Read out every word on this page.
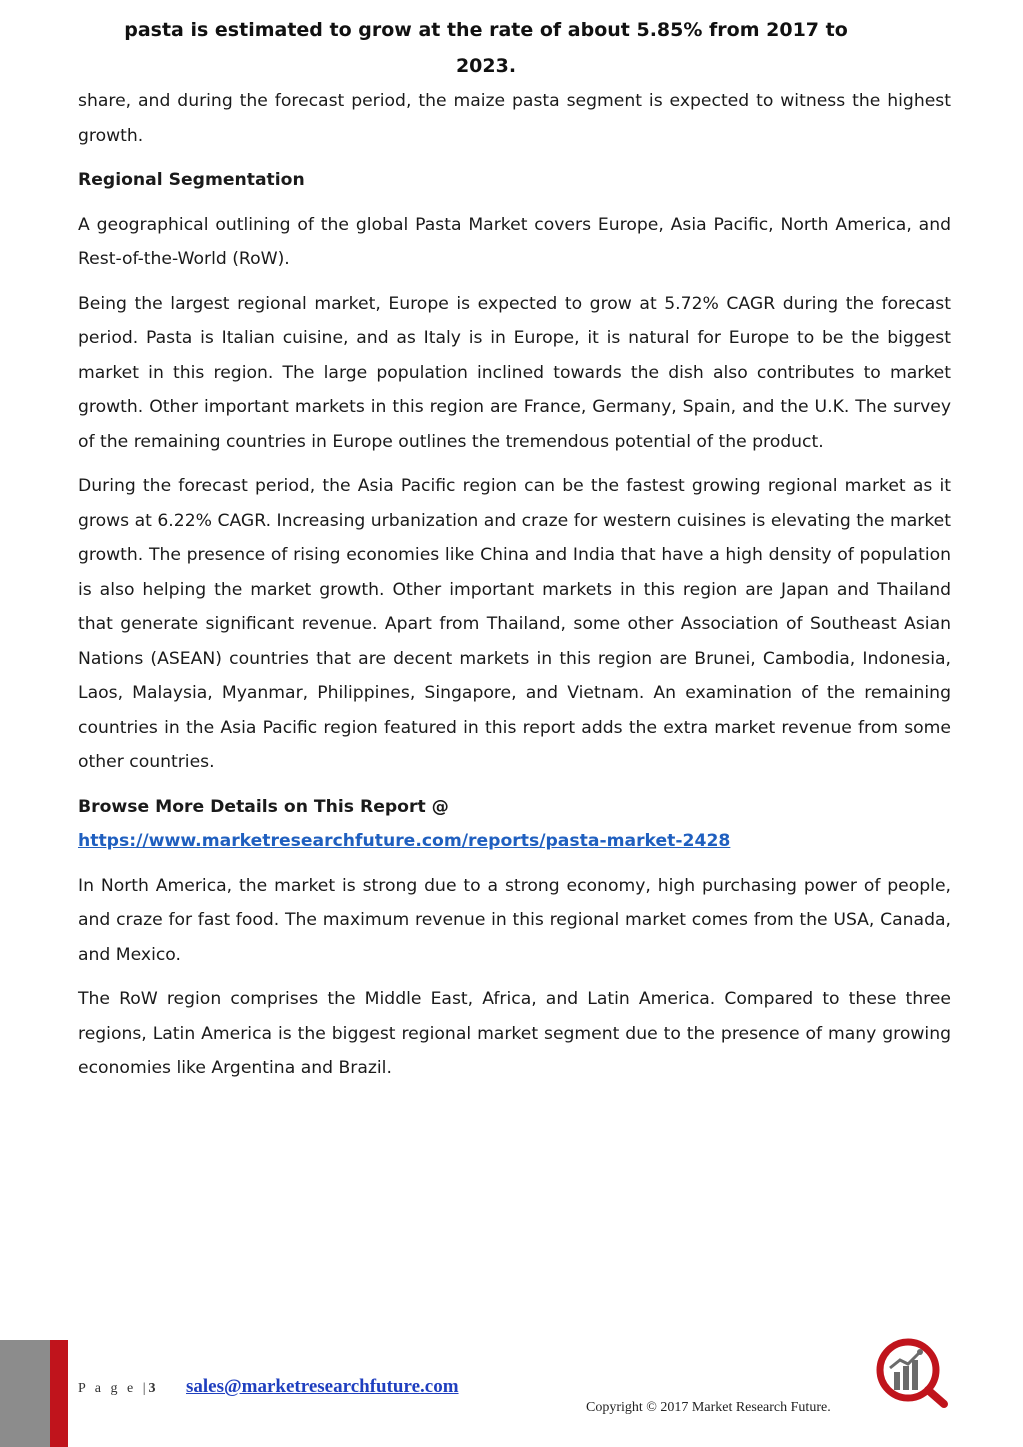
pasta is estimated to grow at the rate of about 5.85% from 2017 to
2023.

share, and during the forecast period, the maize pasta segment is expected to witness the highest growth.

Regional Segmentation

A geographical outlining of the global Pasta Market covers Europe, Asia Pacific, North America, and Rest-of-the-World (RoW).

Being the largest regional market, Europe is expected to grow at 5.72% CAGR during the forecast period. Pasta is Italian cuisine, and as Italy is in Europe, it is natural for Europe to be the biggest market in this region. The large population inclined towards the dish also contributes to market growth. Other important markets in this region are France, Germany, Spain, and the U.K. The survey of the remaining countries in Europe outlines the tremendous potential of the product.

During the forecast period, the Asia Pacific region can be the fastest growing regional market as it grows at 6.22% CAGR. Increasing urbanization and craze for western cuisines is elevating the market growth. The presence of rising economies like China and India that have a high density of population is also helping the market growth. Other important markets in this region are Japan and Thailand that generate significant revenue. Apart from Thailand, some other Association of Southeast Asian Nations (ASEAN) countries that are decent markets in this region are Brunei, Cambodia, Indonesia, Laos, Malaysia, Myanmar, Philippines, Singapore, and Vietnam. An examination of the remaining countries in the Asia Pacific region featured in this report adds the extra market revenue from some other countries.

Browse More Details on This Report @
https://www.marketresearchfuture.com/reports/pasta-market-2428

In North America, the market is strong due to a strong economy, high purchasing power of people, and craze for fast food. The maximum revenue in this regional market comes from the USA, Canada, and Mexico.

The RoW region comprises the Middle East, Africa, and Latin America. Compared to these three regions, Latin America is the biggest regional market segment due to the presence of many growing economies like Argentina and Brazil.

P a g e |3 sales@marketresearchfuture.com
Copyright © 2017 Market Research Future.
